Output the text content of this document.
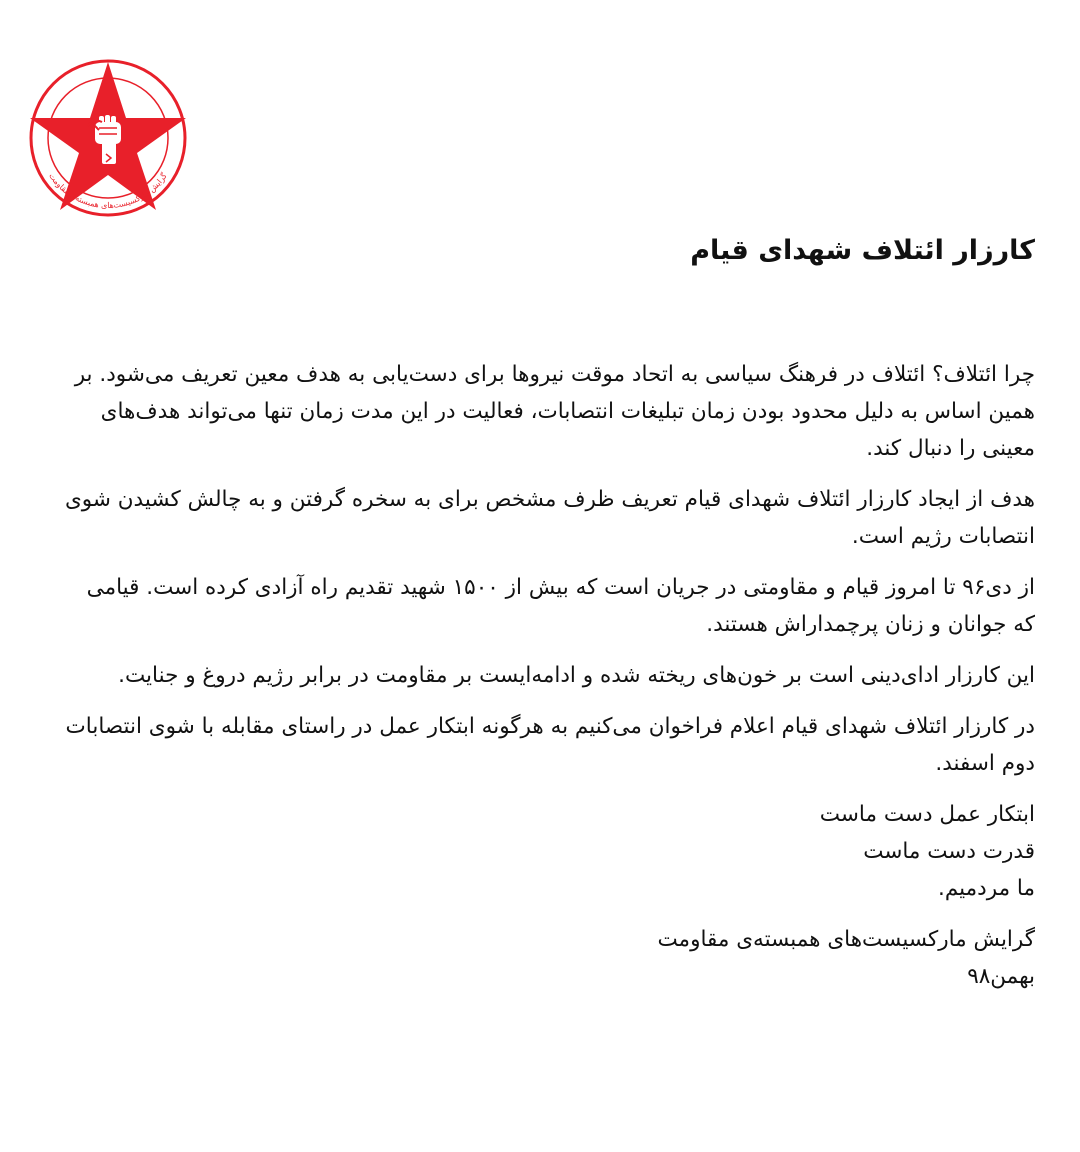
گرایش مارکسیست‌های همبسته‌ی مقاومت
کارزار ائتلاف شهدای قیام

چرا ائتلاف؟ ائتلاف در فرهنگ سیاسی به اتحاد موقت نیروها برای دست‌یابی به هدف معین تعریف می‌شود. بر همین اساس به دلیل محدود بودن زمان تبلیغات انتصابات، فعالیت در این مدت زمان تنها می‌تواند هدف‌های معینی را دنبال کند.

هدف از ایجاد کارزار ائتلاف شهدای قیام تعریف ظرف مشخص برای به سخره گرفتن و به چالش کشیدن شوی انتصابات رژیم است.

از دی۹۶ تا امروز قیام و مقاومتی در جریان است که بیش از ۱۵۰۰ شهید تقدیم راه آزادی کرده است. قیامی که جوانان و زنان پرچمداراش هستند.

این کارزار ادای‌دینی است بر خون‌های ریخته شده و ادامه‌ایست بر مقاومت در برابر رژیم دروغ و جنایت.

در کارزار ائتلاف شهدای قیام اعلام فراخوان می‌کنیم به هرگونه ابتکار عمل در راستای مقابله با شوی انتصابات دوم اسفند.

ابتکار عمل دست ماست
قدرت دست ماست
ما مردمیم.
گرایش مارکسیست‌های همبسته‌ی مقاومت
بهمن۹۸
